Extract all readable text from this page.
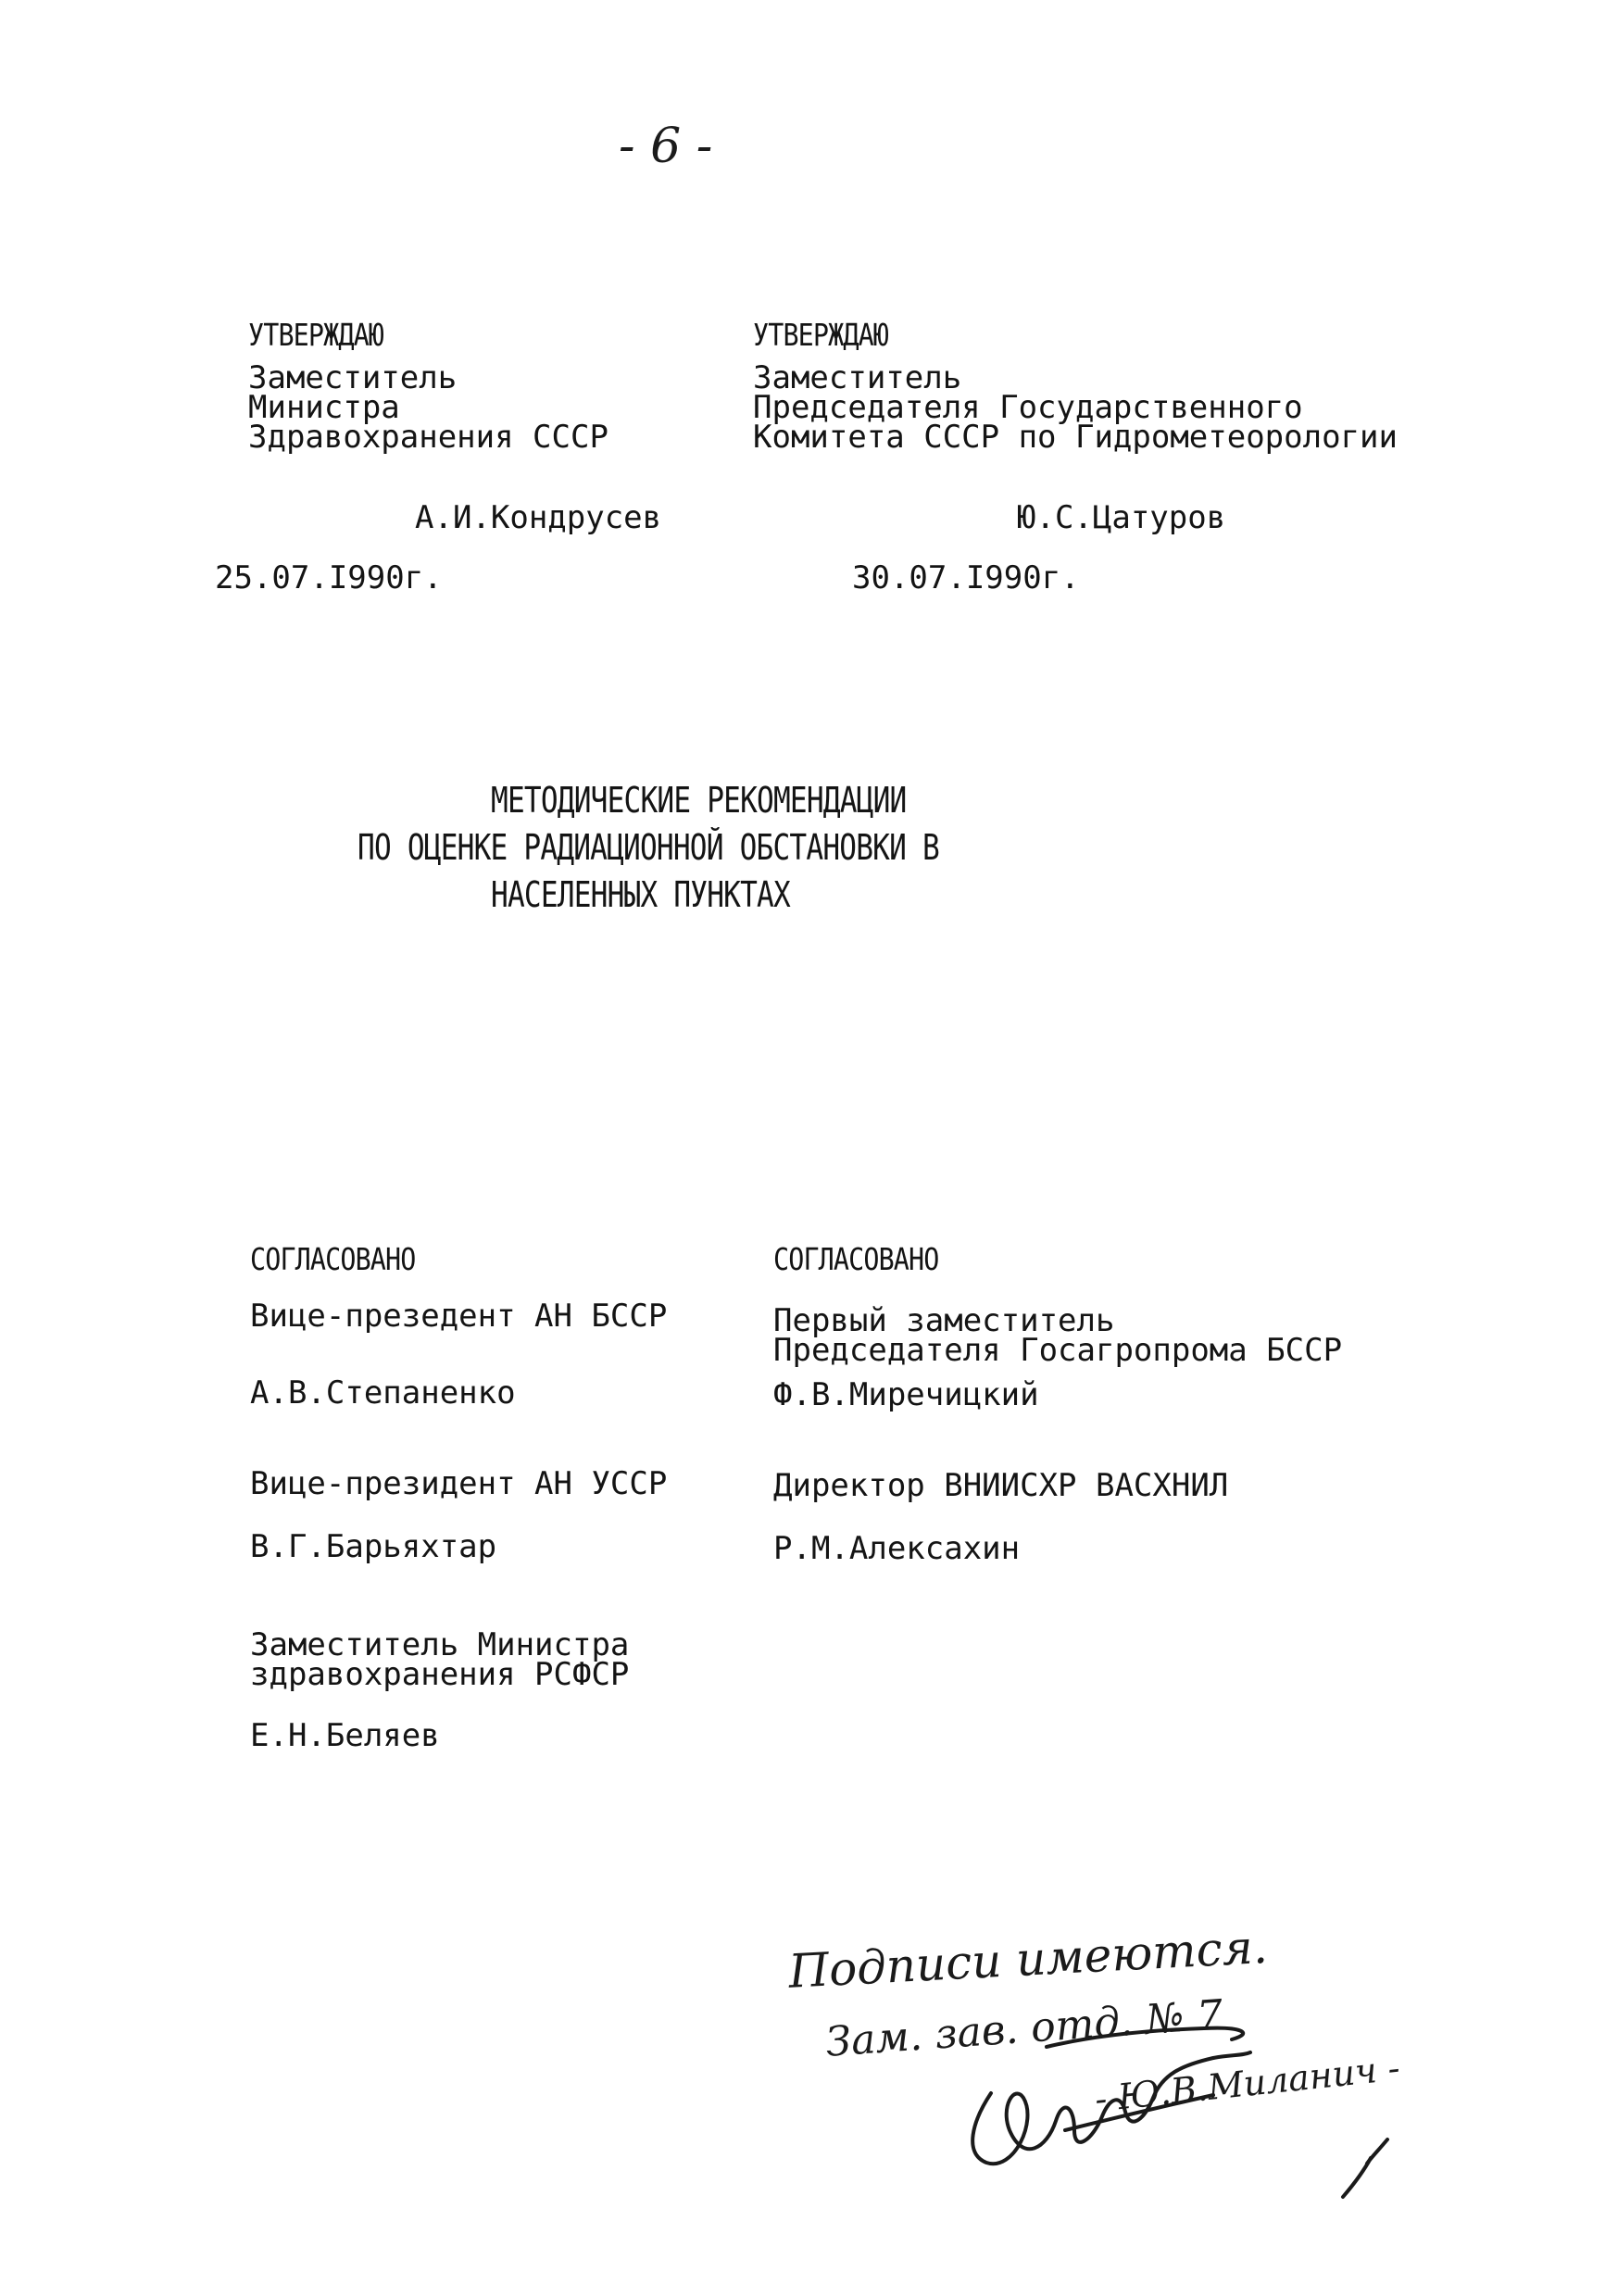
- 6 -
УТВЕРЖДАЮ
Заместитель
Министра
Здравохранения СССР
А.И.Кондрусев
25.07.I990г.
УТВЕРЖДАЮ
Заместитель
Председателя Государственного
Комитета СССР по Гидрометеорологии
Ю.С.Цатуров
30.07.I990г.
МЕТОДИЧЕСКИЕ РЕКОМЕНДАЦИИ
ПО ОЦЕНКЕ РАДИАЦИОННОЙ ОБСТАНОВКИ В
НАСЕЛЕННЫХ ПУНКТАХ
СОГЛАСОВАНО
Вице-презедент АН БССР
А.В.Степаненко
Вице-президент АН УССР
В.Г.Барьяхтар
Заместитель Министра
здравохранения РСФСР
Е.Н.Беляев
СОГЛАСОВАНО
Первый заместитель
Председателя Госагропрома БССР
Ф.В.Миречицкий
Директор ВНИИСХР ВАСХНИЛ
Р.М.Алексахин
Подписи имеются.
Зам. зав. отд. № 7
- Ю.В.Миланич -
